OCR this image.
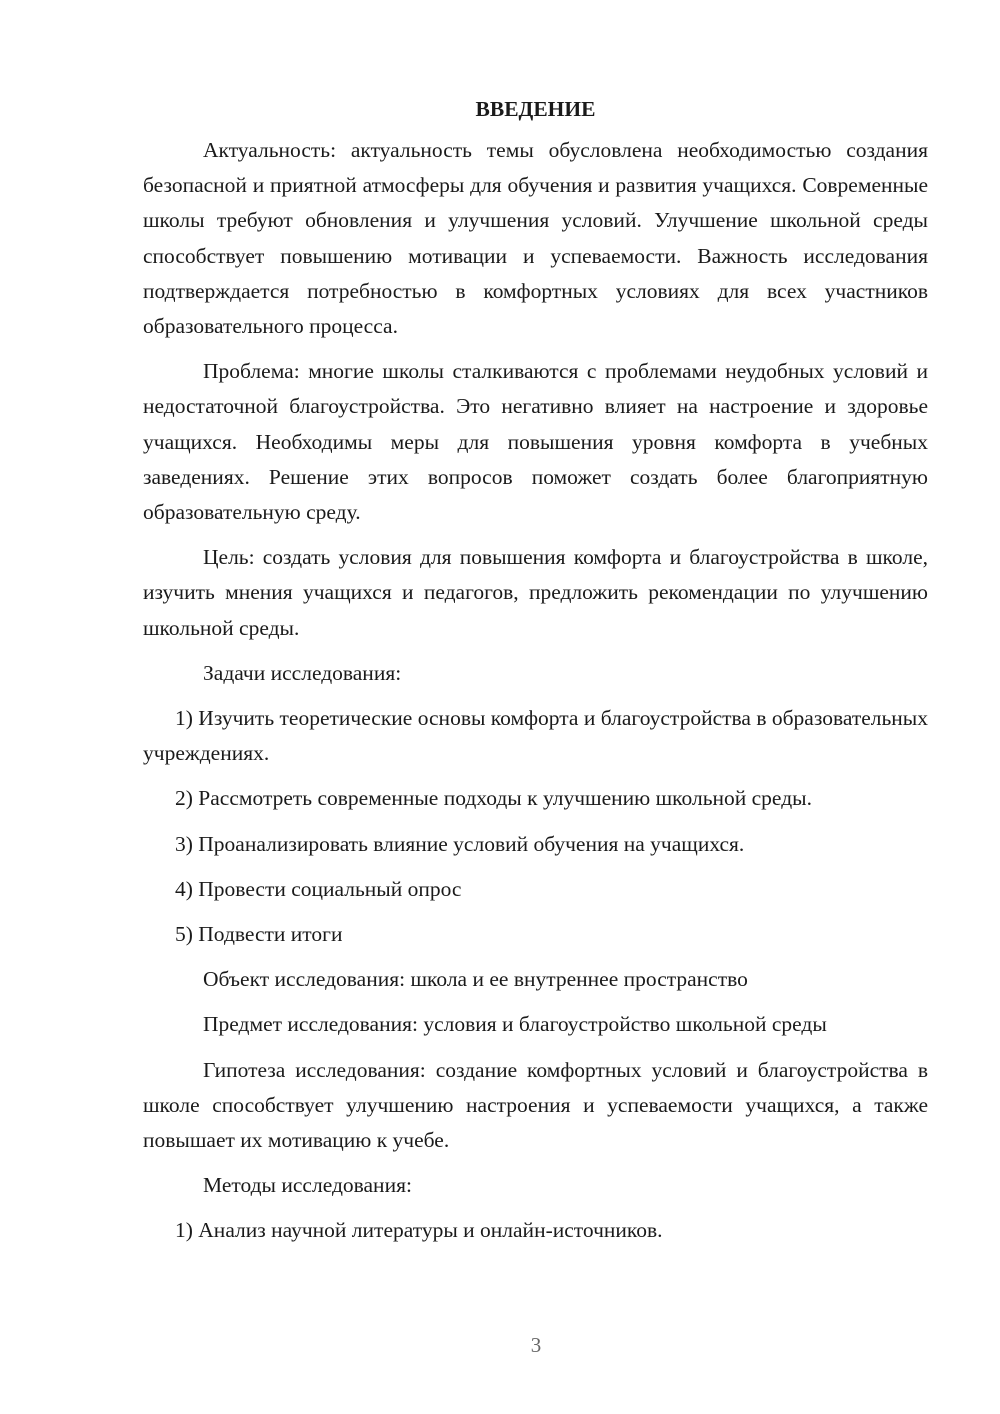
ВВЕДЕНИЕ

Актуальность: актуальность темы обусловлена необходимостью создания безопасной и приятной атмосферы для обучения и развития учащихся. Современные школы требуют обновления и улучшения условий. Улучшение школьной среды способствует повышению мотивации и успеваемости. Важность исследования подтверждается потребностью в комфортных условиях для всех участников образовательного процесса.

Проблема: многие школы сталкиваются с проблемами неудобных условий и недостаточной благоустройства. Это негативно влияет на настроение и здоровье учащихся. Необходимы меры для повышения уровня комфорта в учебных заведениях. Решение этих вопросов поможет создать более благоприятную образовательную среду.

Цель: создать условия для повышения комфорта и благоустройства в школе, изучить мнения учащихся и педагогов, предложить рекомендации по улучшению школьной среды.

Задачи исследования:

1) Изучить теоретические основы комфорта и благоустройства в образовательных учреждениях.

2) Рассмотреть современные подходы к улучшению школьной среды.

3) Проанализировать влияние условий обучения на учащихся.

4) Провести социальный опрос

5) Подвести итоги

Объект исследования: школа и ее внутреннее пространство

Предмет исследования: условия и благоустройство школьной среды

Гипотеза исследования: создание комфортных условий и благоустройства в школе способствует улучшению настроения и успеваемости учащихся, а также повышает их мотивацию к учебе.

Методы исследования:

1) Анализ научной литературы и онлайн-источников.

3
